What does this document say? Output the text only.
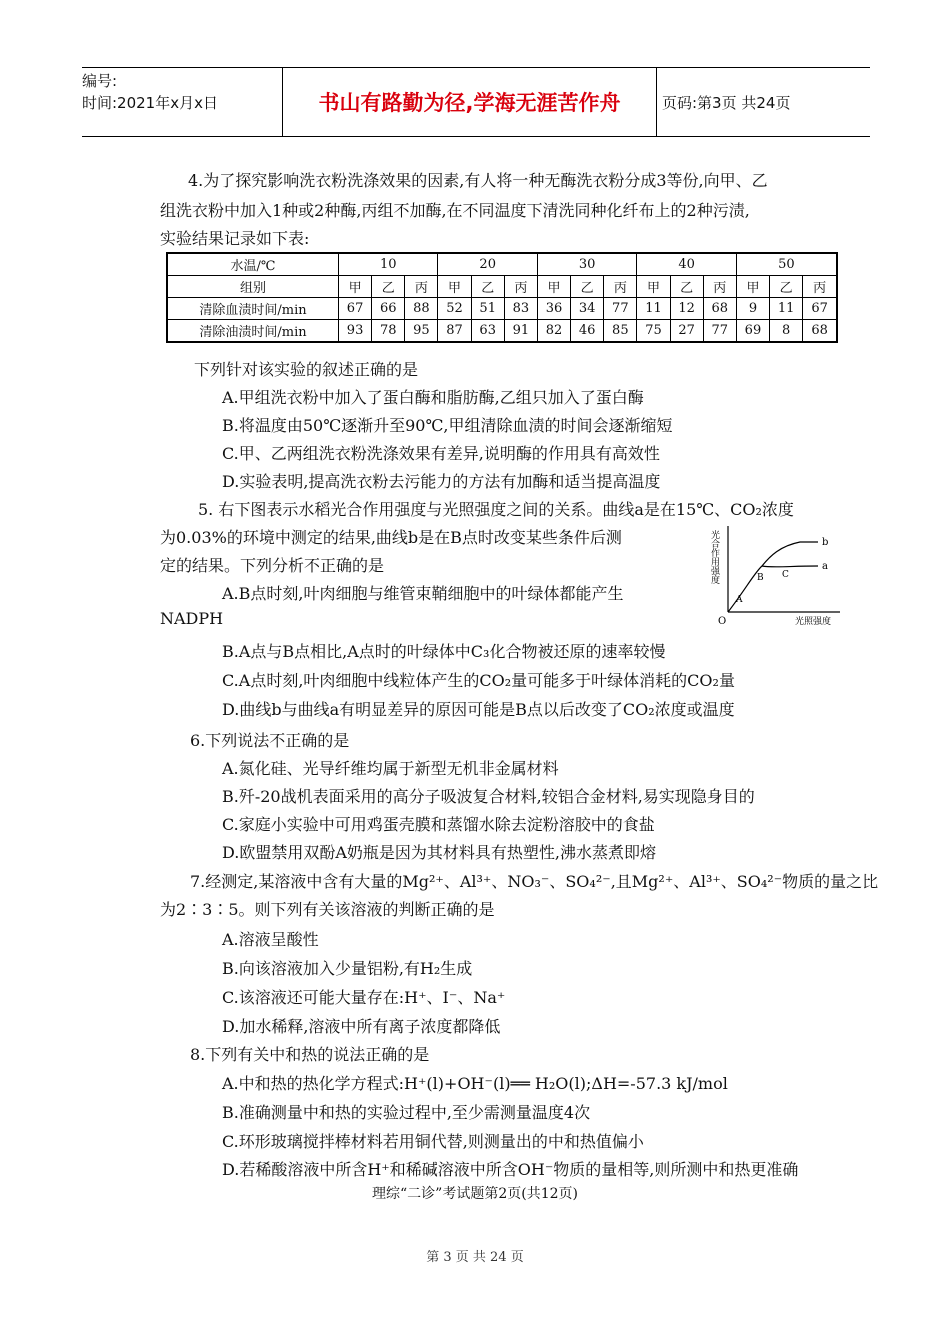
编号:
时间:2021年x月x日	书山有路勤为径,学海无涯苦作舟	页码:第3页 共24页
4.为了探究影响洗衣粉洗涤效果的因素,有人将一种无酶洗衣粉分成3等份,向甲、乙
组洗衣粉中加入1种或2种酶,丙组不加酶,在不同温度下清洗同种化纤布上的2种污渍,
实验结果记录如下表:
水温/℃	10			20			30			40			50		
组别	甲	乙	丙	甲	乙	丙	甲	乙	丙	甲	乙	丙	甲	乙	丙
清除血渍时间/min	67	66	88	52	51	83	36	34	77	11	12	68	9	11	67
清除油渍时间/min	93	78	95	87	63	91	82	46	85	75	27	77	69	8	68
下列针对该实验的叙述正确的是
A.甲组洗衣粉中加入了蛋白酶和脂肪酶,乙组只加入了蛋白酶
B.将温度由50℃逐渐升至90℃,甲组清除血渍的时间会逐渐缩短
C.甲、乙两组洗衣粉洗涤效果有差异,说明酶的作用具有高效性
D.实验表明,提高洗衣粉去污能力的方法有加酶和适当提高温度
5. 右下图表示水稻光合作用强度与光照强度之间的关系。曲线a是在15℃、CO₂浓度
为0.03%的环境中测定的结果,曲线b是在B点时改变某些条件后测
定的结果。下列分析不正确的是
A.B点时刻,叶肉细胞与维管束鞘细胞中的叶绿体都能产生
NADPH
B.A点与B点相比,A点时的叶绿体中C₃化合物被还原的速率较慢
C.A点时刻,叶肉细胞中线粒体产生的CO₂量可能多于叶绿体消耗的CO₂量
D.曲线b与曲线a有明显差异的原因可能是B点以后改变了CO₂浓度或温度
光合作用强度
光照强度
O
b
a
A
B C
6.下列说法不正确的是
A.氮化硅、光导纤维均属于新型无机非金属材料
B.歼-20战机表面采用的高分子吸波复合材料,较铝合金材料,易实现隐身目的
C.家庭小实验中可用鸡蛋壳膜和蒸馏水除去淀粉溶胶中的食盐
D.欧盟禁用双酚A奶瓶是因为其材料具有热塑性,沸水蒸煮即熔
7.经测定,某溶液中含有大量的Mg²⁺、Al³⁺、NO₃⁻、SO₄²⁻,且Mg²⁺、Al³⁺、SO₄²⁻物质的量之比
为2∶3∶5。则下列有关该溶液的判断正确的是
A.溶液呈酸性
B.向该溶液加入少量铝粉,有H₂生成
C.该溶液还可能大量存在:H⁺、I⁻、Na⁺
D.加水稀释,溶液中所有离子浓度都降低
8.下列有关中和热的说法正确的是
A.中和热的热化学方程式:H⁺(l)+OH⁻(l)══ H₂O(l);ΔH=-57.3 kJ/mol
B.准确测量中和热的实验过程中,至少需测量温度4次
C.环形玻璃搅拌棒材料若用铜代替,则测量出的中和热值偏小
D.若稀酸溶液中所含H⁺和稀碱溶液中所含OH⁻物质的量相等,则所测中和热更准确
理综“二诊”考试题第2页(共12页)
第 3 页 共 24 页
